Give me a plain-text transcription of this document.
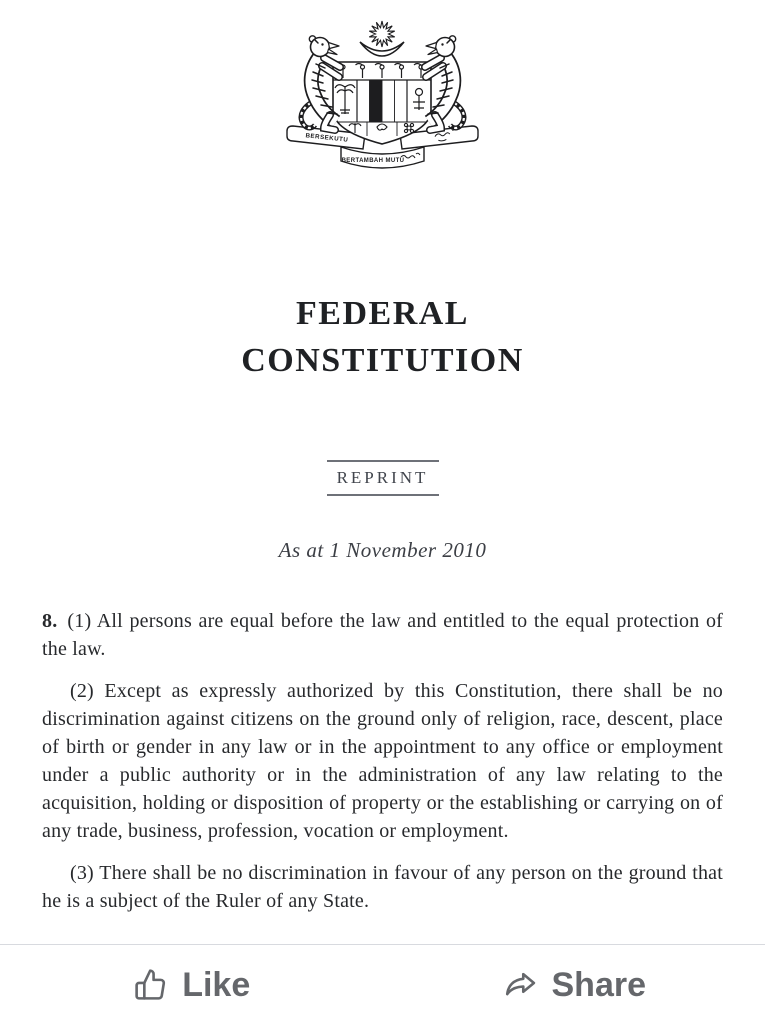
BERSEKUTU
BERTAMBAH MUTU
FEDERAL
CONSTITUTION
REPRINT
As at 1 November 2010

8. (1) All persons are equal before the law and entitled to the equal protection of the law.

(2) Except as expressly authorized by this Constitution, there shall be no discrimination against citizens on the ground only of religion, race, descent, place of birth or gender in any law or in the appointment to any office or employment under a public authority or in the administration of any law relating to the acquisition, holding or disposition of property or the establishing or carrying on of any trade, business, profession, vocation or employment.

(3) There shall be no discrimination in favour of any person on the ground that he is a subject of the Ruler of any State.

Like	Share
